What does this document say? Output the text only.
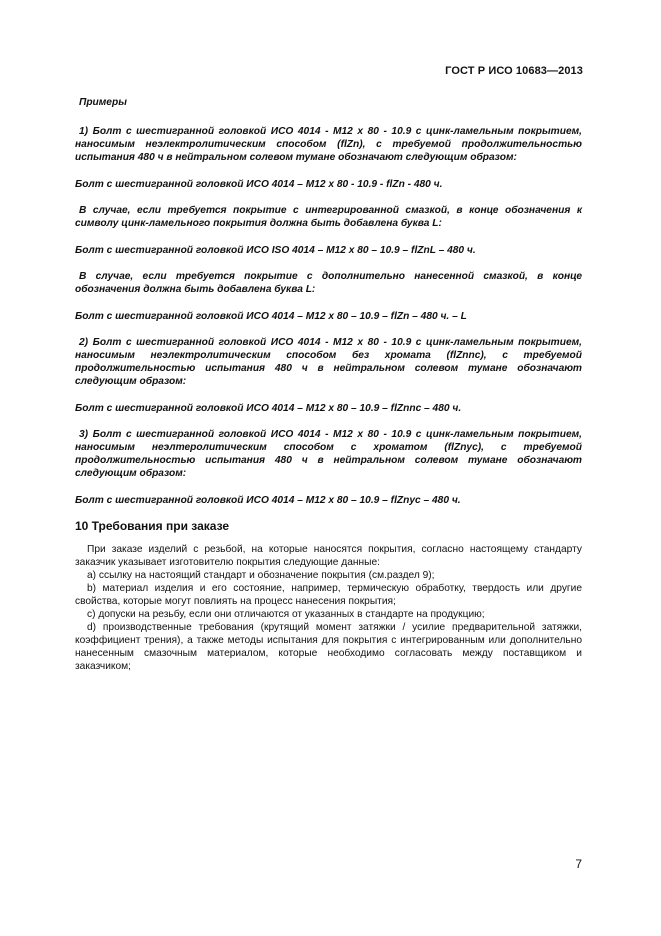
ГОСТ Р ИСО 10683—2013

Примеры

1) Болт с шестигранной головкой ИСО 4014 - М12 х 80 - 10.9 с цинк-ламельным покрытием, наносимым неэлектролитическим способом (flZn), с требуемой продолжительностью испытания 480 ч в нейтральном солевом тумане обозначают следующим образом:

Болт с шестигранной головкой ИСО 4014 – М12 х 80 - 10.9 - flZn - 480 ч.

В случае, если требуется покрытие с интегрированной смазкой, в конце обозначения к символу цинк-ламельного покрытия должна быть добавлена буква L:

Болт с шестигранной головкой ИСО ISO 4014 – М12 х 80 – 10.9 – flZnL – 480 ч.

В случае, если требуется покрытие с дополнительно нанесенной смазкой, в конце обозначения должна быть добавлена буква L:

Болт с шестигранной головкой ИСО 4014 – М12 х 80 – 10.9 – flZn – 480 ч. – L

2) Болт с шестигранной головкой ИСО 4014 - М12 х 80 - 10.9 с цинк-ламельным покрытием, наносимым неэлектролитическим способом без хромата (flZnnc), с требуемой продолжительностью испытания 480 ч в нейтральном солевом тумане обозначают следующим образом:

Болт с шестигранной головкой ИСО 4014 – М12 х 80 – 10.9 – flZnnc – 480 ч.

3) Болт с шестигранной головкой ИСО 4014 - М12 х 80 - 10.9 с цинк-ламельным покрытием, наносимым неэлтеролитическим способом с хроматом (flZnyc), с требуемой продолжительностью испытания 480 ч в нейтральном солевом тумане обозначают следующим образом:

Болт с шестигранной головкой ИСО 4014 – М12 х 80 – 10.9 – flZnyc – 480 ч.

10 Требования при заказе

При заказе изделий с резьбой, на которые наносятся покрытия, согласно настоящему стандарту заказчик указывает изготовителю покрытия следующие данные:

а) ссылку на настоящий стандарт и обозначение покрытия (см.раздел 9);

b) материал изделия и его состояние, например, термическую обработку, твердость или другие свойства, которые могут повлиять на процесс нанесения покрытия;

с) допуски на резьбу, если они отличаются от указанных в стандарте на продукцию;

d) производственные требования (крутящий момент затяжки / усилие предварительной затяжки, коэффициент трения), а также методы испытания для покрытия с интегрированным или дополнительно нанесенным смазочным материалом, которые необходимо согласовать между поставщиком и заказчиком;

7
